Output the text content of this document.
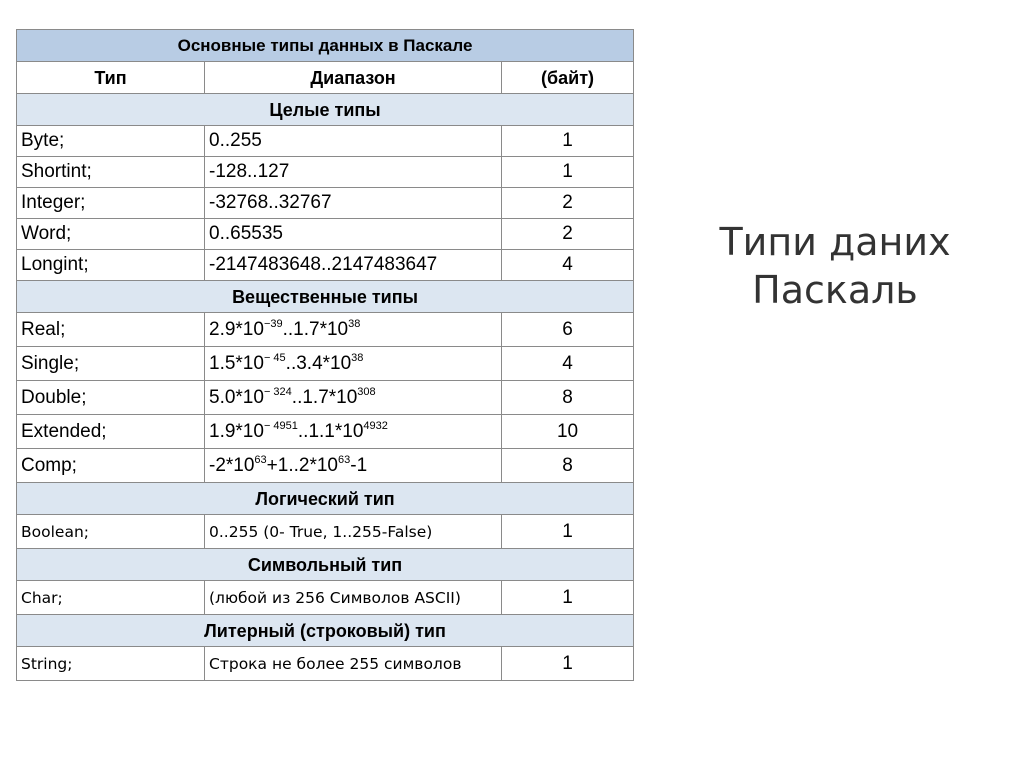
Типи даних
Паскаль
Основные типы данных в Паскале		
Тип	Диапазон	(байт)
Целые типы		
Byte;	0..255	1
Shortint;	-128..127	1
Integer;	-32768..32767	2
Word;	0..65535	2
Longint;	-2147483648..2147483647	4
Вещественные типы		
Real;	$2.9*10^{-39}..1.7*10^{38}$	6
Single;	$1.5*10^{- 45}..3.4*10^{38}$	4
Double;	$5.0*10^{- 324}..1.7*10^{308}$	8
Extended;	$1.9*10^{- 4951}..1.1*10^{4932}$	10
Comp;	$-2*10^{63}+1..2*10^{63}-1$	8
Логический тип		
Boolean;	0..255 (0- True, 1..255-False)	1
Символьный тип		
Char;	(любой из 256 Символов ASCII)	1
Литерный (строковый) тип		
String;	Строка не более 255 символов	1
